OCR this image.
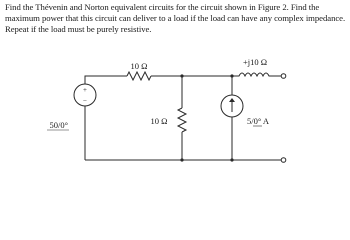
Find the Thévenin and Norton equivalent circuits for the circuit shown in Figure 2. Find the

maximum power that this circuit can deliver to a load if the load can have any complex impedance.

Repeat if the load must be purely resistive.

+
−
10 Ω
50/0°	10 Ω
+j10 Ω
5/0° A
